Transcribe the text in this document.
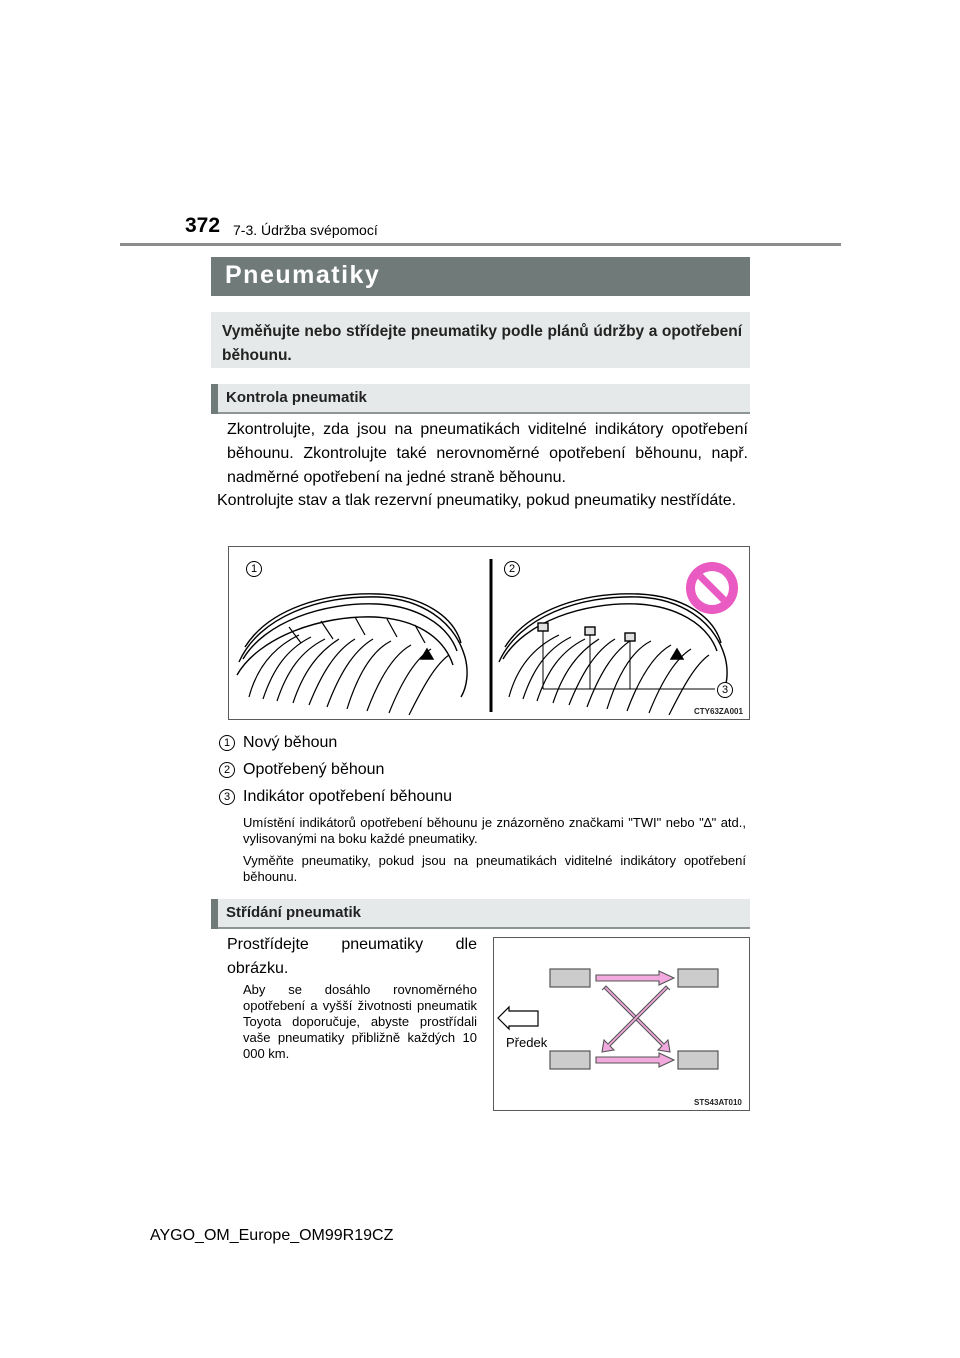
372 7-3. Údržba svépomocí
Pneumatiky
Vyměňujte nebo střídejte pneumatiky podle plánů údržby a opotřebení běhounu.
Kontrola pneumatik
Zkontrolujte, zda jsou na pneumatikách viditelné indikátory opotřebení běhounu. Zkontrolujte také nerovnoměrné opotřebení běhounu, např. nadměrné opotřebení na jedné straně běhounu.
Kontrolujte stav a tlak rezervní pneumatiky, pokud pneumatiky nestřídáte.
1	2
3
CTY63ZA001
1 Nový běhoun
2 Opotřebený běhoun
3 Indikátor opotřebení běhounu
Umístění indikátorů opotřebení běhounu je znázorněno značkami "TWI" nebo "∆" atd., vylisovanými na boku každé pneumatiky.
Vyměňte pneumatiky, pokud jsou na pneumatikách viditelné indikátory opotřebení běhounu.
Střídání pneumatik
Prostřídejte pneumatiky dle obrázku.
Aby se dosáhlo rovnoměrného opotřebení a vyšší životnosti pneumatik Toyota doporučuje, abyste prostřídali vaše pneumatiky přibližně každých 10 000 km.
Předek
STS43AT010
AYGO_OM_Europe_OM99R19CZ
